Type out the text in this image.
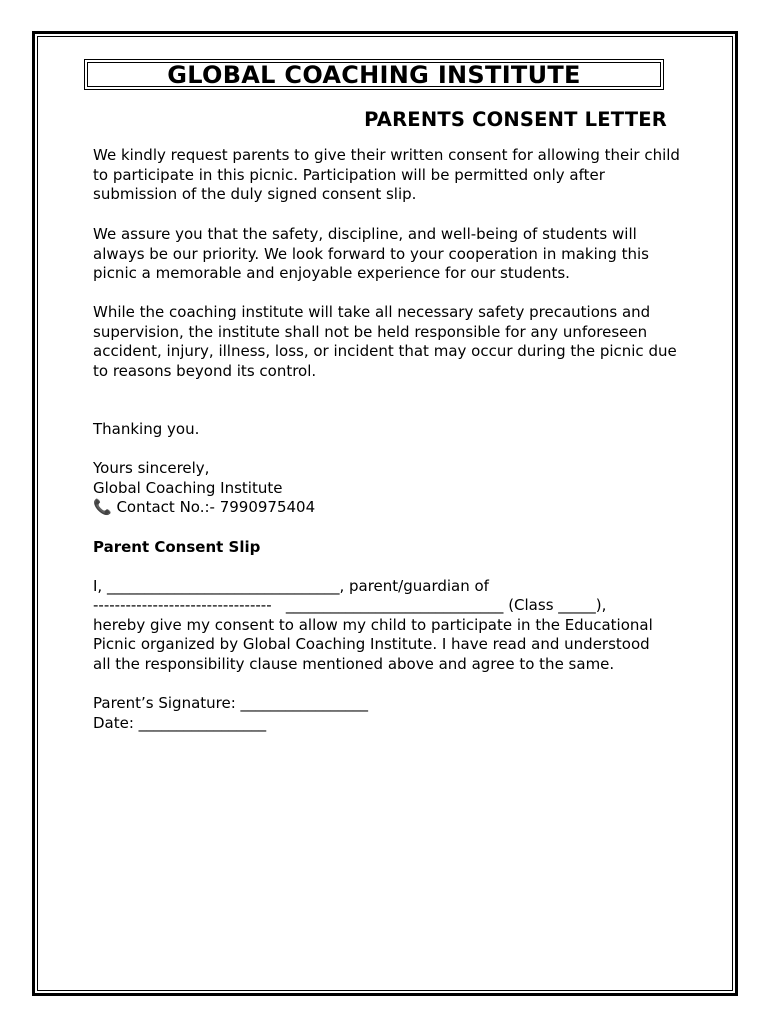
GLOBAL COACHING INSTITUTE
PARENTS CONSENT LETTER

We kindly request parents to give their written consent for allowing their child to participate in this picnic. Participation will be permitted only after submission of the duly signed consent slip.

We assure you that the safety, discipline, and well-being of students will always be our priority. We look forward to your cooperation in making this picnic a memorable and enjoyable experience for our students.

While the coaching institute will take all necessary safety precautions and supervision, the institute shall not be held responsible for any unforeseen accident, injury, illness, loss, or incident that may occur during the picnic due to reasons beyond its control.

Thanking you.
Yours sincerely,
Global Coaching Institute
📞 Contact No.:- 7990975404
Parent Consent Slip
I, _______________________________, parent/guardian of
---------------------------------   _____________________________ (Class _____),
hereby give my consent to allow my child to participate in the Educational
Picnic organized by Global Coaching Institute. I have read and understood
all the responsibility clause mentioned above and agree to the same.
Parent’s Signature: _________________
Date: _________________
